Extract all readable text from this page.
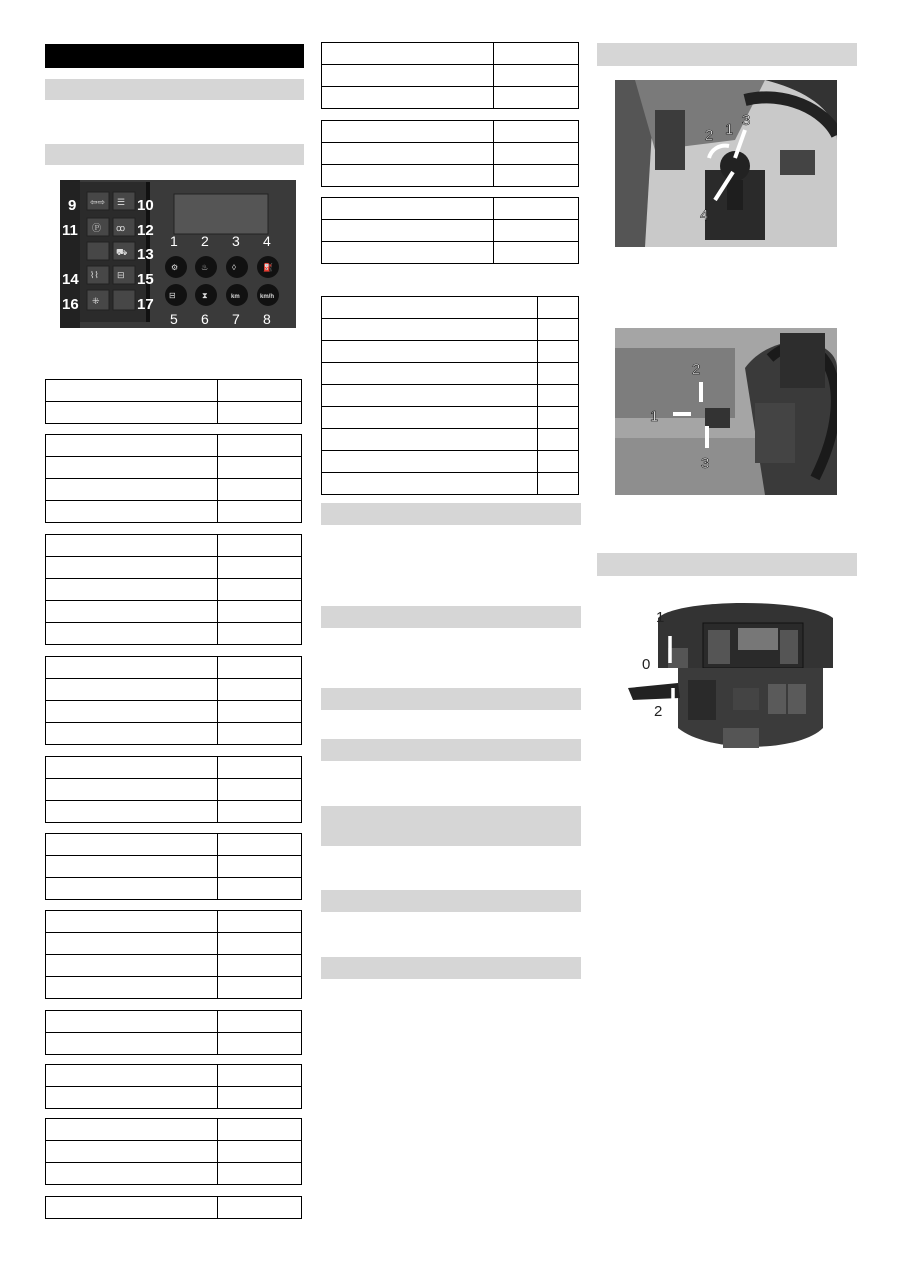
⇦⇨ ☰
Ⓟ ꝏ
⛟
⌇⌇ ⊟
⁜
9
11
14
16
10
12
13
15
17
⚙	♨	◊	⛽
⊟	⧗	km	km/h
1 2 3 4
5 6 7 8

1
2
3
4
1
2
3
1
0
2
